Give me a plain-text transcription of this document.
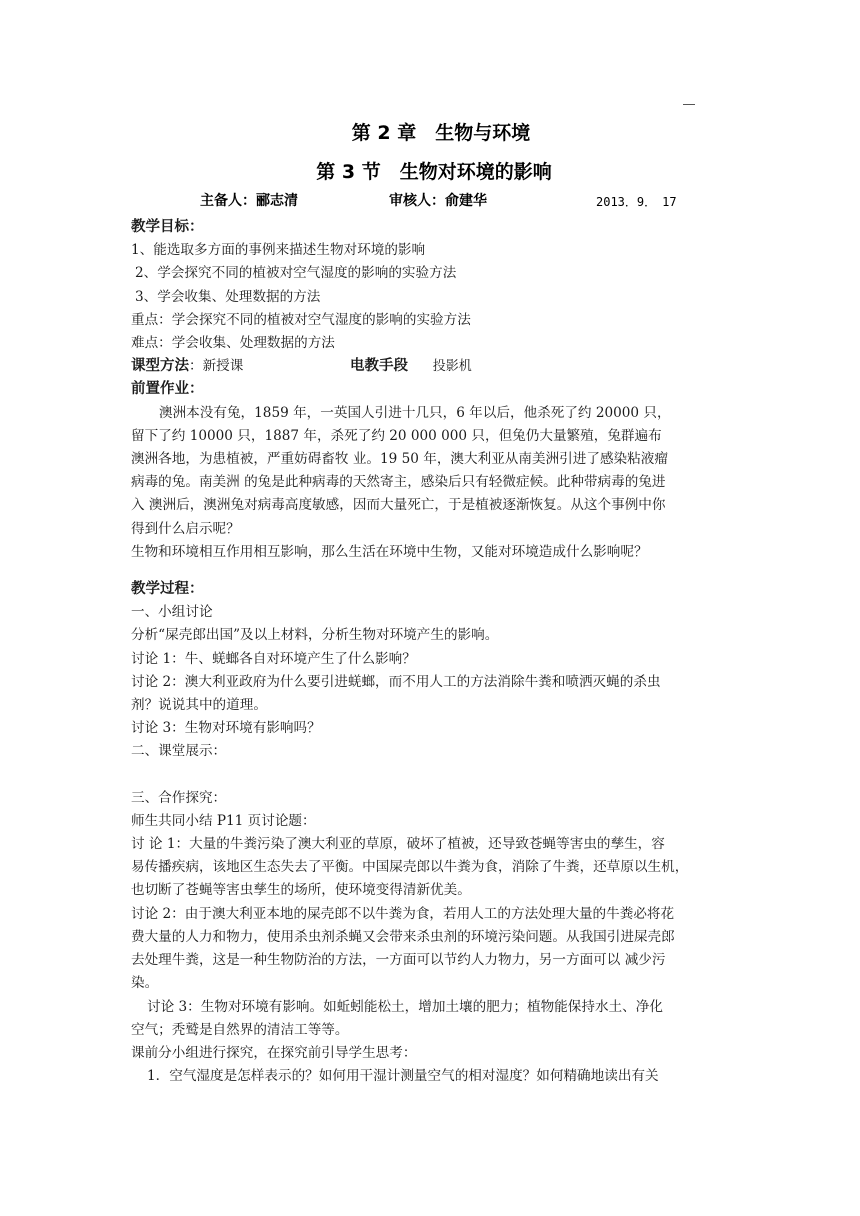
第 2 章　生物与环境
第 3 节　生物对环境的影响
主备人：郦志清	审核人：俞建华	2013．9．　17
教学目标：
1、能选取多方面的事例来描述生物对环境的影响
2、学会探究不同的植被对空气湿度的影响的实验方法
3、学会收集、处理数据的方法
重点：学会探究不同的植被对空气湿度的影响的实验方法
难点：学会收集、处理数据的方法
课型方法：新授课	电教手段 投影机
前置作业：
澳洲本没有兔，1859 年，一英国人引进十几只，6 年以后，他杀死了约 20000 只，
留下了约 10000 只，1887 年，杀死了约 20 000 000 只，但兔仍大量繁殖，兔群遍布
澳洲各地，为患植被，严重妨碍畜牧 业。19 50 年，澳大利亚从南美洲引进了感染粘液瘤
病毒的兔。南美洲 的兔是此种病毒的天然寄主，感染后只有轻微症候。此种带病毒的兔进
入 澳洲后，澳洲兔对病毒高度敏感，因而大量死亡，于是植被逐渐恢复。从这个事例中你
得到什么启示呢？
生物和环境相互作用相互影响，那么生活在环境中生物，又能对环境造成什么影响呢？
教学过程：
一、小组讨论
分析“屎壳郎出国”及以上材料，分析生物对环境产生的影响。
讨论 1：牛、蜣螂各自对环境产生了什么影响？
讨论 2：澳大利亚政府为什么要引进蜣螂，而不用人工的方法消除牛粪和喷洒灭蝇的杀虫
剂？说说其中的道理。
讨论 3：生物对环境有影响吗？
二、课堂展示：
三、合作探究：
师生共同小结 P11 页讨论题：
讨 论 1：大量的牛粪污染了澳大利亚的草原，破坏了植被，还导致苍蝇等害虫的孳生，容
易传播疾病，该地区生态失去了平衡。中国屎壳郎以牛粪为食，消除了牛粪，还草原以生机，
也切断了苍蝇等害虫孳生的场所，使环境变得清新优美。
讨论 2：由于澳大利亚本地的屎壳郎不以牛粪为食，若用人工的方法处理大量的牛粪必将花
费大量的人力和物力，使用杀虫剂杀蝇又会带来杀虫剂的环境污染问题。从我国引进屎壳郎
去处理牛粪，这是一种生物防治的方法，一方面可以节约人力物力，另一方面可以 减少污
染。
讨论 3：生物对环境有影响。如蚯蚓能松土，增加土壤的肥力；植物能保持水土、净化
空气；秃鹫是自然界的清洁工等等。
课前分小组进行探究，在探究前引导学生思考：
1．空气湿度是怎样表示的？如何用干湿计测量空气的相对湿度？如何精确地读出有关
